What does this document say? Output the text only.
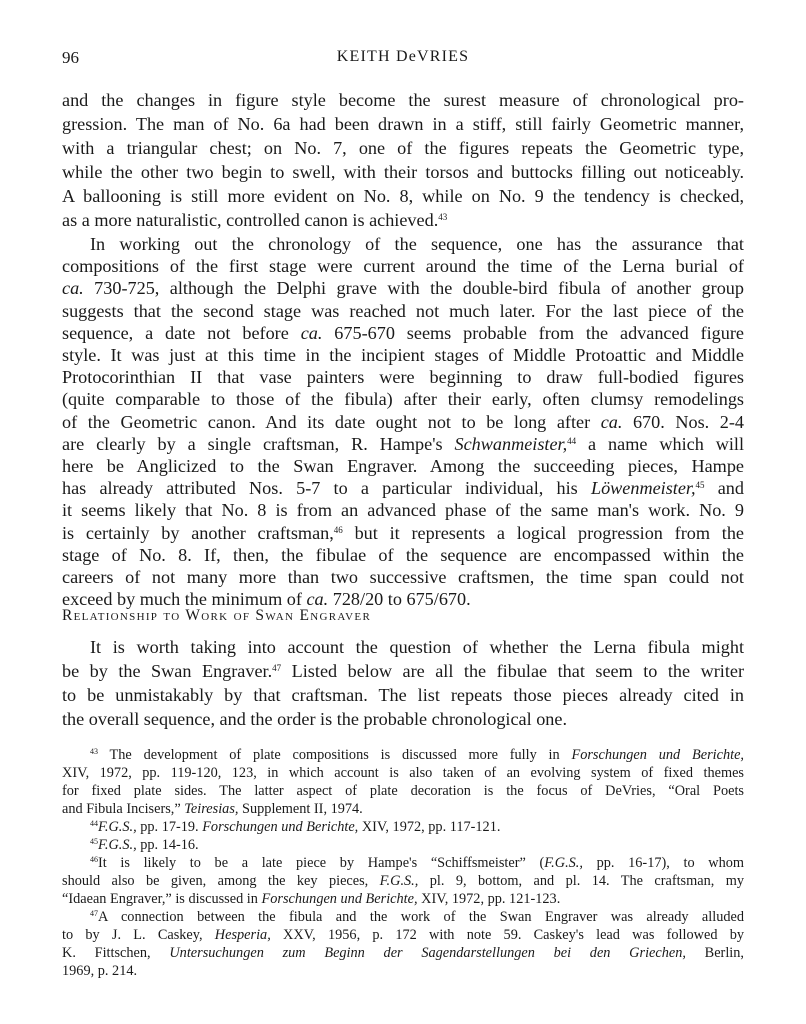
96	KEITH DeVRIES
and the changes in figure style become the surest measure of chronological pro-
gression. The man of No. 6a had been drawn in a stiff, still fairly Geometric manner,
with a triangular chest; on No. 7, one of the figures repeats the Geometric type,
while the other two begin to swell, with their torsos and buttocks filling out noticeably.
A ballooning is still more evident on No. 8, while on No. 9 the tendency is checked,
as a more naturalistic, controlled canon is achieved.$^{43}$
In working out the chronology of the sequence, one has the assurance that
compositions of the first stage were current around the time of the Lerna burial of
ca. 730-725, although the Delphi grave with the double-bird fibula of another group
suggests that the second stage was reached not much later. For the last piece of the
sequence, a date not before ca. 675-670 seems probable from the advanced figure
style. It was just at this time in the incipient stages of Middle Protoattic and Middle
Protocorinthian II that vase painters were beginning to draw full-bodied figures
(quite comparable to those of the fibula) after their early, often clumsy remodelings
of the Geometric canon. And its date ought not to be long after ca. 670. Nos. 2-4
are clearly by a single craftsman, R. Hampe's Schwanmeister,$^{44}$ a name which will
here be Anglicized to the Swan Engraver. Among the succeeding pieces, Hampe
has already attributed Nos. 5-7 to a particular individual, his Löwenmeister,$^{45}$ and
it seems likely that No. 8 is from an advanced phase of the same man's work. No. 9
is certainly by another craftsman,$^{46}$ but it represents a logical progression from the
stage of No. 8. If, then, the fibulae of the sequence are encompassed within the
Relationship to Work of Swan Engraver
It is worth taking into account the question of whether the Lerna fibula might
be by the Swan Engraver.$^{47}$ Listed below are all the fibulae that seem to the writer
to be unmistakably by that craftsman. The list repeats those pieces already cited in
the overall sequence, and the order is the probable chronological one.
$^{43}$ The development of plate compositions is discussed more fully in Forschungen und Berichte,
XIV, 1972, pp. 119-120, 123, in which account is also taken of an evolving system of fixed themes
for fixed plate sides. The latter aspect of plate decoration is the focus of DeVries, “Oral Poets
and Fibula Incisers,” Teiresias, Supplement II, 1974.
$^{44}$F.G.S., pp. 17-19. Forschungen und Berichte, XIV, 1972, pp. 117-121.
$^{45}$F.G.S., pp. 14-16.
$^{46}$It is likely to be a late piece by Hampe's “Schiffsmeister” (F.G.S., pp. 16-17), to whom
should also be given, among the key pieces, F.G.S., pl. 9, bottom, and pl. 14. The craftsman, my
“Idaean Engraver,” is discussed in Forschungen und Berichte, XIV, 1972, pp. 121-123.
$^{47}$A connection between the fibula and the work of the Swan Engraver was already alluded
to by J. L. Caskey, Hesperia, XXV, 1956, p. 172 with note 59. Caskey's lead was followed by
K. Fittschen, Untersuchungen zum Beginn der Sagendarstellungen bei den Griechen, Berlin,
1969, p. 214.
careers of not many more than two successive craftsmen, the time span could not
exceed by much the minimum of ca. 728/20 to 675/670.
